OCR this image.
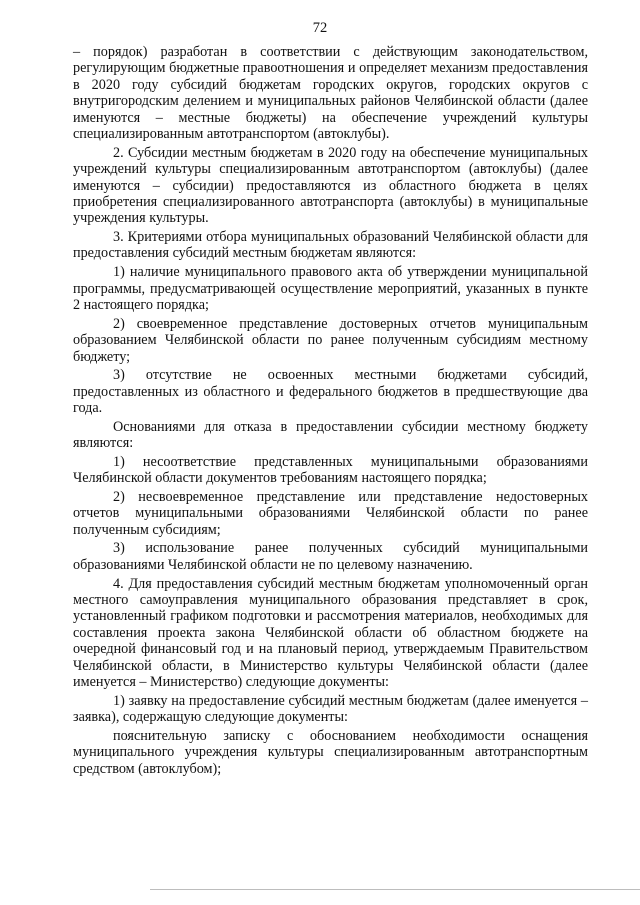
72

– порядок) разработан в соответствии с действующим законодательством, регулирующим бюджетные правоотношения и определяет механизм предоставления в 2020 году субсидий бюджетам городских округов, городских округов с внутригородским делением и муниципальных районов Челябинской области (далее именуются – местные бюджеты) на обеспечение учреждений культуры специализированным автотранспортом (автоклубы).

2. Субсидии местным бюджетам в 2020 году на обеспечение муниципальных учреждений культуры специализированным автотранспортом (автоклубы) (далее именуются – субсидии) предоставляются из областного бюджета в целях приобретения специализированного автотранспорта (автоклубы) в муниципальные учреждения культуры.

3. Критериями отбора муниципальных образований Челябинской области для предоставления субсидий местным бюджетам являются:

1) наличие муниципального правового акта об утверждении муниципальной программы, предусматривающей осуществление мероприятий, указанных в пункте 2 настоящего порядка;

2) своевременное представление достоверных отчетов муниципальным образованием Челябинской области по ранее полученным субсидиям местному бюджету;

3) отсутствие не освоенных местными бюджетами субсидий, предоставленных из областного и федерального бюджетов в предшествующие два года.

Основаниями для отказа в предоставлении субсидии местному бюджету являются:

1) несоответствие представленных муниципальными образованиями Челябинской области документов требованиям настоящего порядка;

2) несвоевременное представление или представление недостоверных отчетов муниципальными образованиями Челябинской области по ранее полученным субсидиям;

3) использование ранее полученных субсидий муниципальными образованиями Челябинской области не по целевому назначению.

4. Для предоставления субсидий местным бюджетам уполномоченный орган местного самоуправления муниципального образования представляет в срок, установленный графиком подготовки и рассмотрения материалов, необходимых для составления проекта закона Челябинской области об областном бюджете на очередной финансовый год и на плановый период, утверждаемым Правительством Челябинской области, в Министерство культуры Челябинской области (далее именуется – Министерство) следующие документы:

1) заявку на предоставление субсидий местным бюджетам (далее именуется – заявка), содержащую следующие документы:

пояснительную записку с обоснованием необходимости оснащения муниципального учреждения культуры специализированным автотранспортным средством (автоклубом);
